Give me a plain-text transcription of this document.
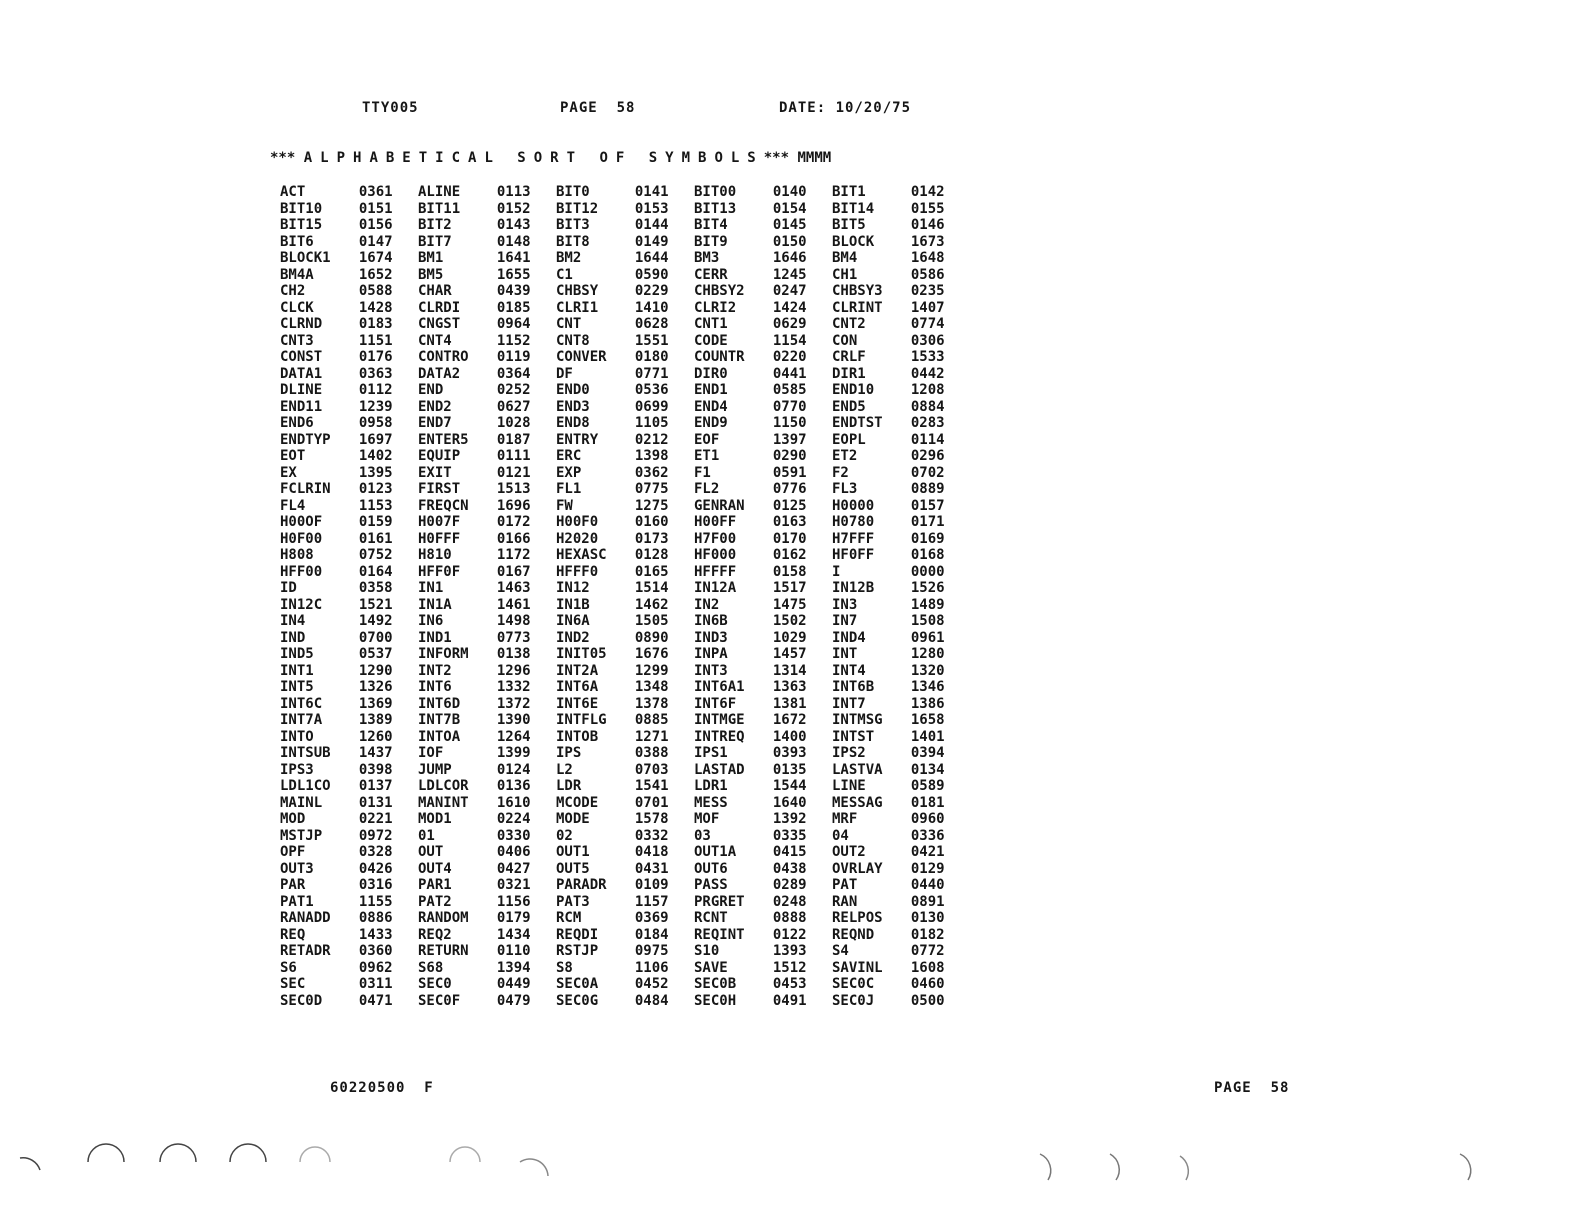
TTY005	PAGE  58	DATE: 10/20/75
*** ALPHABETICAL SORT OF SYMBOLS*** MMMM
ACT	0361	ALINE	0113	BIT0	0141	BIT00	0140	BIT1	0142
BIT10	0151	BIT11	0152	BIT12	0153	BIT13	0154	BIT14	0155
BIT15	0156	BIT2	0143	BIT3	0144	BIT4	0145	BIT5	0146
BIT6	0147	BIT7	0148	BIT8	0149	BIT9	0150	BLOCK	1673
BLOCK1	1674	BM1	1641	BM2	1644	BM3	1646	BM4	1648
BM4A	1652	BM5	1655	C1	0590	CERR	1245	CH1	0586
CH2	0588	CHAR	0439	CHBSY	0229	CHBSY2	0247	CHBSY3	0235
CLCK	1428	CLRDI	0185	CLRI1	1410	CLRI2	1424	CLRINT	1407
CLRND	0183	CNGST	0964	CNT	0628	CNT1	0629	CNT2	0774
CNT3	1151	CNT4	1152	CNT8	1551	CODE	1154	CON	0306
CONST	0176	CONTRO	0119	CONVER	0180	COUNTR	0220	CRLF	1533
DATA1	0363	DATA2	0364	DF	0771	DIR0	0441	DIR1	0442
DLINE	0112	END	0252	END0	0536	END1	0585	END10	1208
END11	1239	END2	0627	END3	0699	END4	0770	END5	0884
END6	0958	END7	1028	END8	1105	END9	1150	ENDTST	0283
ENDTYP	1697	ENTER5	0187	ENTRY	0212	EOF	1397	EOPL	0114
EOT	1402	EQUIP	0111	ERC	1398	ET1	0290	ET2	0296
EX	1395	EXIT	0121	EXP	0362	F1	0591	F2	0702
FCLRIN	0123	FIRST	1513	FL1	0775	FL2	0776	FL3	0889
FL4	1153	FREQCN	1696	FW	1275	GENRAN	0125	H0000	0157
H00OF	0159	H007F	0172	H00F0	0160	H00FF	0163	H0780	0171
H0F00	0161	H0FFF	0166	H2020	0173	H7F00	0170	H7FFF	0169
H808	0752	H810	1172	HEXASC	0128	HF000	0162	HF0FF	0168
HFF00	0164	HFF0F	0167	HFFF0	0165	HFFFF	0158	I	0000
ID	0358	IN1	1463	IN12	1514	IN12A	1517	IN12B	1526
IN12C	1521	IN1A	1461	IN1B	1462	IN2	1475	IN3	1489
IN4	1492	IN6	1498	IN6A	1505	IN6B	1502	IN7	1508
IND	0700	IND1	0773	IND2	0890	IND3	1029	IND4	0961
IND5	0537	INFORM	0138	INIT05	1676	INPA	1457	INT	1280
INT1	1290	INT2	1296	INT2A	1299	INT3	1314	INT4	1320
INT5	1326	INT6	1332	INT6A	1348	INT6A1	1363	INT6B	1346
INT6C	1369	INT6D	1372	INT6E	1378	INT6F	1381	INT7	1386
INT7A	1389	INT7B	1390	INTFLG	0885	INTMGE	1672	INTMSG	1658
INTO	1260	INTOA	1264	INTOB	1271	INTREQ	1400	INTST	1401
INTSUB	1437	IOF	1399	IPS	0388	IPS1	0393	IPS2	0394
IPS3	0398	JUMP	0124	L2	0703	LASTAD	0135	LASTVA	0134
LDL1CO	0137	LDLCOR	0136	LDR	1541	LDR1	1544	LINE	0589
MAINL	0131	MANINT	1610	MCODE	0701	MESS	1640	MESSAG	0181
MOD	0221	MOD1	0224	MODE	1578	MOF	1392	MRF	0960
MSTJP	0972	01	0330	02	0332	03	0335	04	0336
OPF	0328	OUT	0406	OUT1	0418	OUT1A	0415	OUT2	0421
OUT3	0426	OUT4	0427	OUT5	0431	OUT6	0438	OVRLAY	0129
PAR	0316	PAR1	0321	PARADR	0109	PASS	0289	PAT	0440
PAT1	1155	PAT2	1156	PAT3	1157	PRGRET	0248	RAN	0891
RANADD	0886	RANDOM	0179	RCM	0369	RCNT	0888	RELPOS	0130
REQ	1433	REQ2	1434	REQDI	0184	REQINT	0122	REQND	0182
RETADR	0360	RETURN	0110	RSTJP	0975	S10	1393	S4	0772
S6	0962	S68	1394	S8	1106	SAVE	1512	SAVINL	1608
SEC	0311	SEC0	0449	SEC0A	0452	SEC0B	0453	SEC0C	0460
SEC0D	0471	SEC0F	0479	SEC0G	0484	SEC0H	0491	SEC0J	0500
60220500  F	PAGE  58
